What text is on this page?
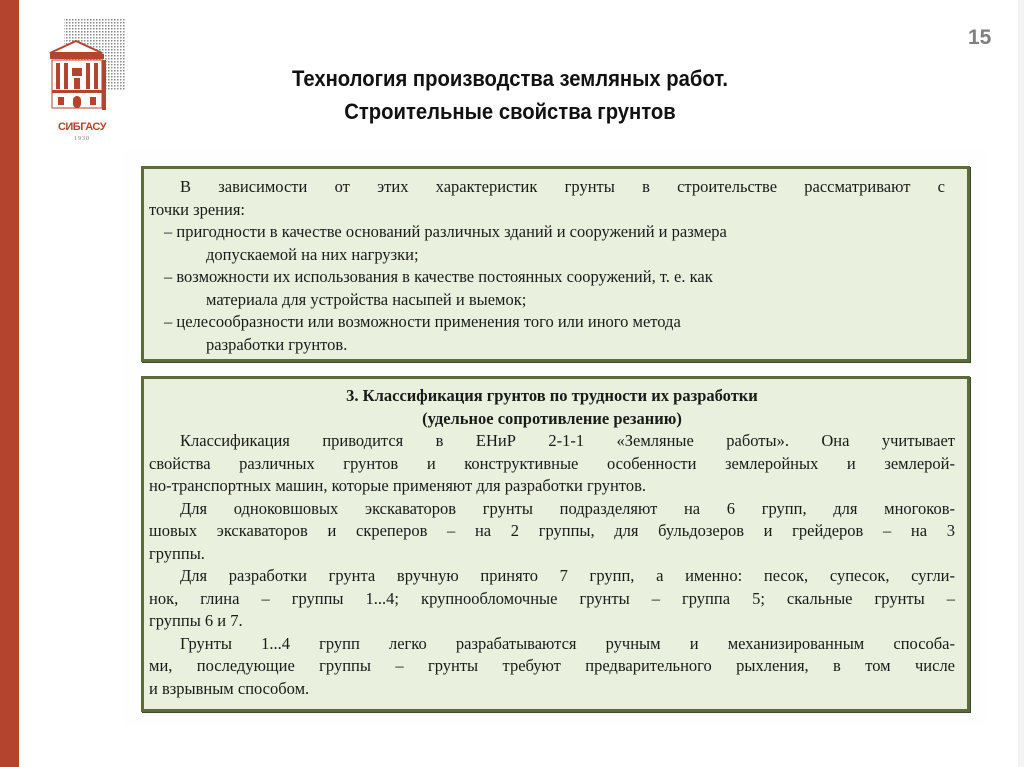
СИБГАСУ
1930
15
Технология производства земляных работ.
Строительные свойства грунтов
В зависимости от этих характеристик грунты в строительстве рассматривают с
точки зрения:
– пригодности в качестве оснований различных зданий и сооружений и размера
допускаемой на них нагрузки;
– возможности их использования в качестве постоянных сооружений, т. е. как
материала для устройства насыпей и выемок;
– целесообразности или возможности применения того или иного метода
разработки грунтов.
3. Классификация грунтов по трудности их разработки
(удельное сопротивление резанию)
Классификация приводится в ЕНиР 2-1-1 «Земляные работы». Она учитывает
свойства различных грунтов и конструктивные особенности землеройных и землерой-
но-транспортных машин, которые применяют для разработки грунтов.
Для одноковшовых экскаваторов грунты подразделяют на 6 групп, для многоков-
шовых экскаваторов и скреперов – на 2 группы, для бульдозеров и грейдеров – на 3
группы.
Для разработки грунта вручную принято 7 групп, а именно: песок, супесок, сугли-
нок, глина – группы 1...4; крупнообломочные грунты – группа 5; скальные грунты –
группы 6 и 7.
Грунты 1...4 групп легко разрабатываются ручным и механизированным способа-
ми, последующие группы – грунты требуют предварительного рыхления, в том числе
и взрывным способом.
